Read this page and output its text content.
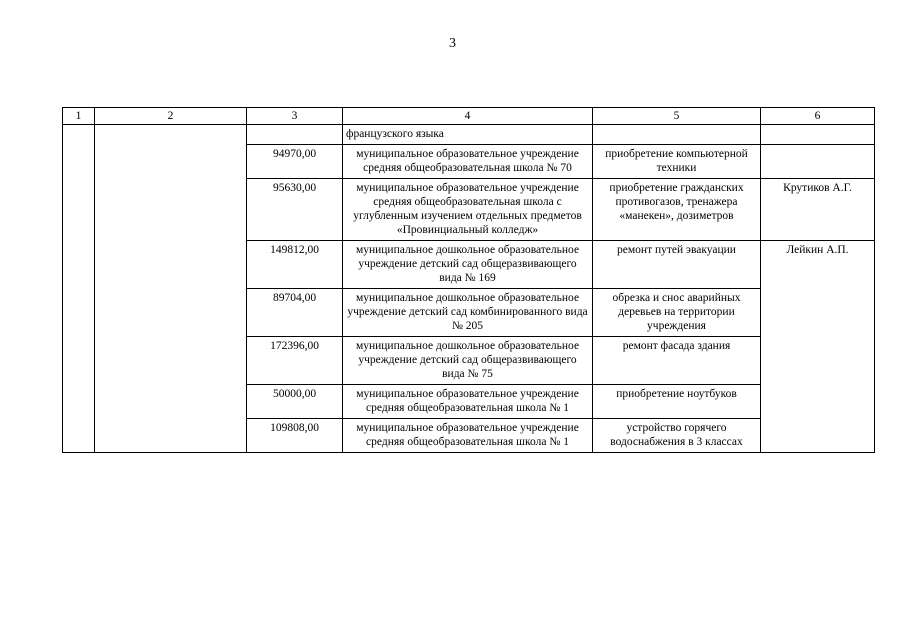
3
1	2	3	4	5	6
			французского языка		
		94970,00	муниципальное образовательное учреждение средняя общеобразовательная школа № 70	приобретение компьютерной техники	
		95630,00	муниципальное образовательное учреждение средняя общеобразовательная школа с углубленным изучением отдельных предметов «Провинциальный колледж»	приобретение гражданских противогазов, тренажера «манекен», дозиметров	Крутиков А.Г.
		149812,00	муниципальное дошкольное образовательное учреждение детский сад общеразвивающего вида № 169	ремонт путей эвакуации	Лейкин А.П.
		89704,00	муниципальное дошкольное образовательное учреждение детский сад комбинированного вида № 205	обрезка и снос аварийных деревьев на территории учреждения	
		172396,00	муниципальное дошкольное образовательное учреждение детский сад общеразвивающего вида № 75	ремонт фасада здания	
		50000,00	муниципальное образовательное учреждение средняя общеобразовательная школа № 1	приобретение ноутбуков	
		109808,00	муниципальное образовательное учреждение средняя общеобразовательная школа № 1	устройство горячего водоснабжения в 3 классах	
